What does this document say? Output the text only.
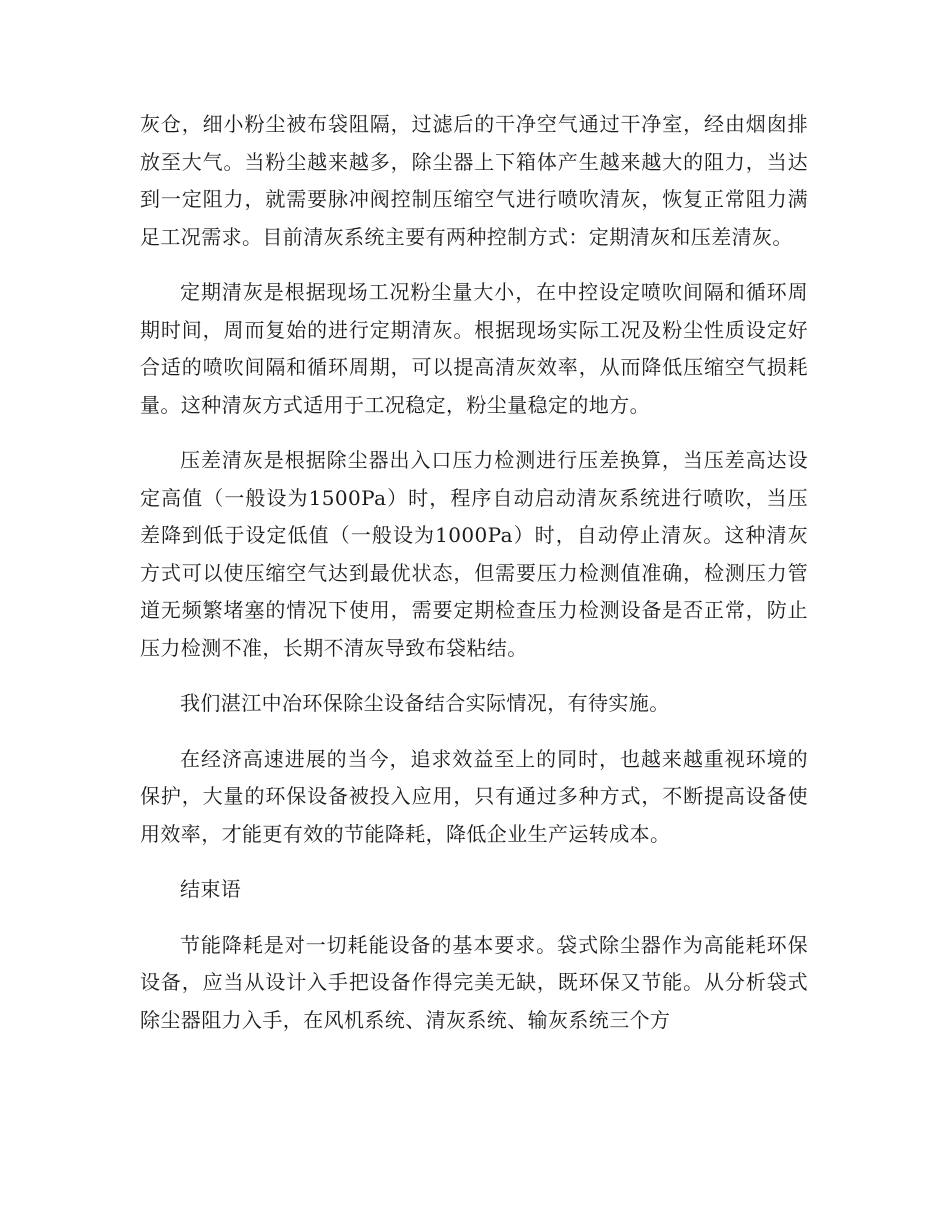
灰仓，细小粉尘被布袋阻隔，过滤后的干净空气通过干净室，经由烟囱排放至大气。当粉尘越来越多，除尘器上下箱体产生越来越大的阻力，当达到一定阻力，就需要脉冲阀控制压缩空气进行喷吹清灰，恢复正常阻力满足工况需求。目前清灰系统主要有两种控制方式：定期清灰和压差清灰。

定期清灰是根据现场工况粉尘量大小，在中控设定喷吹间隔和循环周期时间，周而复始的进行定期清灰。根据现场实际工况及粉尘性质设定好合适的喷吹间隔和循环周期，可以提高清灰效率，从而降低压缩空气损耗量。这种清灰方式适用于工况稳定，粉尘量稳定的地方。

压差清灰是根据除尘器出入口压力检测进行压差换算，当压差高达设定高值（一般设为1500Pa）时，程序自动启动清灰系统进行喷吹，当压差降到低于设定低值（一般设为1000Pa）时，自动停止清灰。这种清灰方式可以使压缩空气达到最优状态，但需要压力检测值准确，检测压力管道无频繁堵塞的情况下使用，需要定期检查压力检测设备是否正常，防止压力检测不准，长期不清灰导致布袋粘结。

我们湛江中冶环保除尘设备结合实际情况，有待实施。

在经济高速进展的当今，追求效益至上的同时，也越来越重视环境的保护，大量的环保设备被投入应用，只有通过多种方式，不断提高设备使用效率，才能更有效的节能降耗，降低企业生产运转成本。

结束语

节能降耗是对一切耗能设备的基本要求。袋式除尘器作为高能耗环保设备，应当从设计入手把设备作得完美无缺，既环保又节能。从分析袋式除尘器阻力入手，在风机系统、清灰系统、输灰系统三个方
